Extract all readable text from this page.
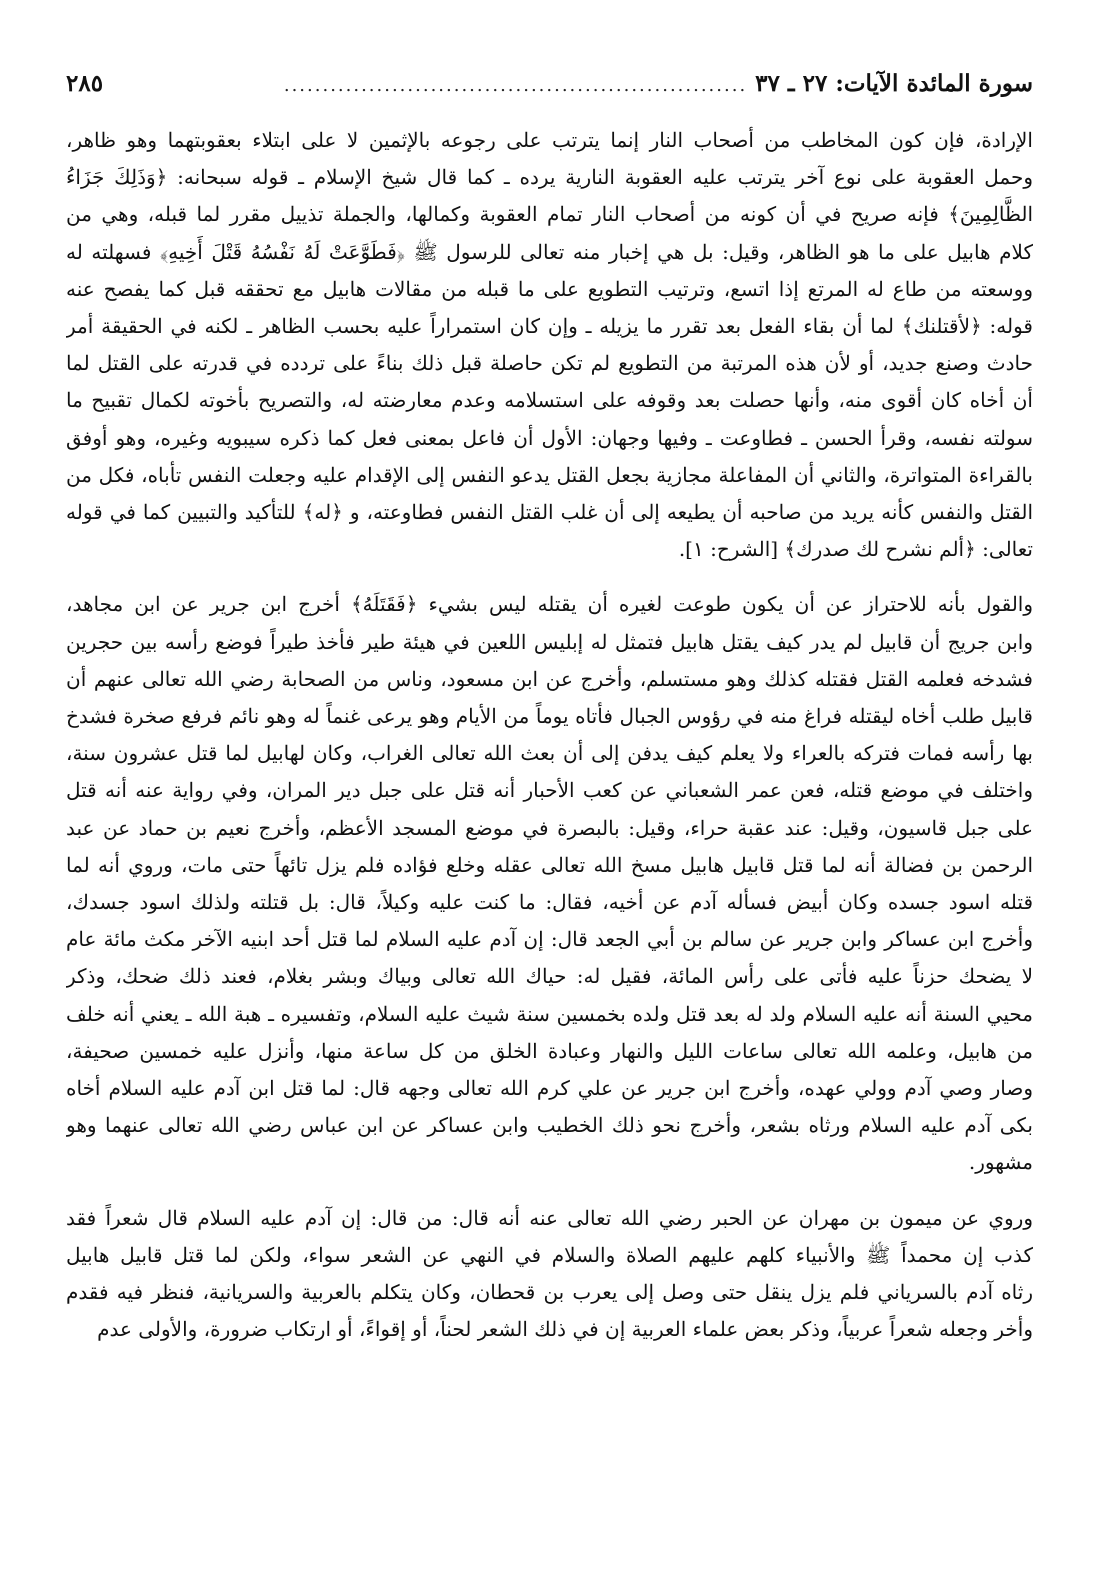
سورة المائدة الآيات: ٢٧ ـ ٣٧
............................................................
٢٨٥
الإرادة، فإن كون المخاطب من أصحاب النار إنما يترتب على رجوعه بالإثمين لا على ابتلاء بعقوبتهما وهو ظاهر،
وحمل العقوبة على نوع آخر يترتب عليه العقوبة النارية يرده ـ كما قال شيخ الإسلام ـ قوله سبحانه: ﴿وَذَلِكَ جَزَاءُ
الظَّالِمِينَ﴾ فإنه صريح في أن كونه من أصحاب النار تمام العقوبة وكمالها، والجملة تذييل مقرر لما قبله، وهي من
كلام هابيل على ما هو الظاهر، وقيل: بل هي إخبار منه تعالى للرسول ﷺ ﴿فَطَوَّعَتْ لَهُ نَفْسُهُ قَتْلَ أَخِيهِ﴾ فسهلته له
ووسعته من طاع له المرتع إذا اتسع، وترتيب التطويع على ما قبله من مقالات هابيل مع تحققه قبل كما يفصح عنه
قوله: ﴿لأقتلنك﴾ لما أن بقاء الفعل بعد تقرر ما يزيله ـ وإن كان استمراراً عليه بحسب الظاهر ـ لكنه في الحقيقة أمر
حادث وصنع جديد، أو لأن هذه المرتبة من التطويع لم تكن حاصلة قبل ذلك بناءً على تردده في قدرته على القتل لما
أن أخاه كان أقوى منه، وأنها حصلت بعد وقوفه على استسلامه وعدم معارضته له، والتصريح بأخوته لكمال تقبيح ما
سولته نفسه، وقرأ الحسن ـ فطاوعت ـ وفيها وجهان: الأول أن فاعل بمعنى فعل كما ذكره سيبويه وغيره، وهو أوفق
بالقراءة المتواترة، والثاني أن المفاعلة مجازية بجعل القتل يدعو النفس إلى الإقدام عليه وجعلت النفس تأباه، فكل من
القتل والنفس كأنه يريد من صاحبه أن يطيعه إلى أن غلب القتل النفس فطاوعته، و ﴿له﴾ للتأكيد والتبيين كما في قوله
تعالى: ﴿ألم نشرح لك صدرك﴾ [الشرح: ١].
والقول بأنه للاحتراز عن أن يكون طوعت لغيره أن يقتله ليس بشيء ﴿فَقَتَلَهُ﴾ أخرج ابن جرير عن ابن مجاهد،
وابن جريج أن قابيل لم يدر كيف يقتل هابيل فتمثل له إبليس اللعين في هيئة طير فأخذ طيراً فوضع رأسه بين حجرين
فشدخه فعلمه القتل فقتله كذلك وهو مستسلم، وأخرج عن ابن مسعود، وناس من الصحابة رضي الله تعالى عنهم أن
قابيل طلب أخاه ليقتله فراغ منه في رؤوس الجبال فأتاه يوماً من الأيام وهو يرعى غنماً له وهو نائم فرفع صخرة فشدخ
بها رأسه فمات فتركه بالعراء ولا يعلم كيف يدفن إلى أن بعث الله تعالى الغراب، وكان لهابيل لما قتل عشرون سنة،
واختلف في موضع قتله، فعن عمر الشعباني عن كعب الأحبار أنه قتل على جبل دير المران، وفي رواية عنه أنه قتل
على جبل قاسيون، وقيل: عند عقبة حراء، وقيل: بالبصرة في موضع المسجد الأعظم، وأخرج نعيم بن حماد عن عبد
الرحمن بن فضالة أنه لما قتل قابيل هابيل مسخ الله تعالى عقله وخلع فؤاده فلم يزل تائهاً حتى مات، وروي أنه لما
قتله اسود جسده وكان أبيض فسأله آدم عن أخيه، فقال: ما كنت عليه وكيلاً، قال: بل قتلته ولذلك اسود جسدك،
وأخرج ابن عساكر وابن جرير عن سالم بن أبي الجعد قال: إن آدم عليه السلام لما قتل أحد ابنيه الآخر مكث مائة عام
لا يضحك حزناً عليه فأتى على رأس المائة، فقيل له: حياك الله تعالى وبياك وبشر بغلام، فعند ذلك ضحك، وذكر
محيي السنة أنه عليه السلام ولد له بعد قتل ولده بخمسين سنة شيث عليه السلام، وتفسيره ـ هبة الله ـ يعني أنه خلف
من هابيل، وعلمه الله تعالى ساعات الليل والنهار وعبادة الخلق من كل ساعة منها، وأنزل عليه خمسين صحيفة،
وصار وصي آدم وولي عهده، وأخرج ابن جرير عن علي كرم الله تعالى وجهه قال: لما قتل ابن آدم عليه السلام أخاه
بكى آدم عليه السلام ورثاه بشعر، وأخرج نحو ذلك الخطيب وابن عساكر عن ابن عباس رضي الله تعالى عنهما وهو
مشهور.
وروي عن ميمون بن مهران عن الحبر رضي الله تعالى عنه أنه قال: من قال: إن آدم عليه السلام قال شعراً فقد
كذب إن محمداً ﷺ والأنبياء كلهم عليهم الصلاة والسلام في النهي عن الشعر سواء، ولكن لما قتل قابيل هابيل
رثاه آدم بالسرياني فلم يزل ينقل حتى وصل إلى يعرب بن قحطان، وكان يتكلم بالعربية والسريانية، فنظر فيه فقدم
وأخر وجعله شعراً عربياً، وذكر بعض علماء العربية إن في ذلك الشعر لحناً، أو إقواءً، أو ارتكاب ضرورة، والأولى عدم
